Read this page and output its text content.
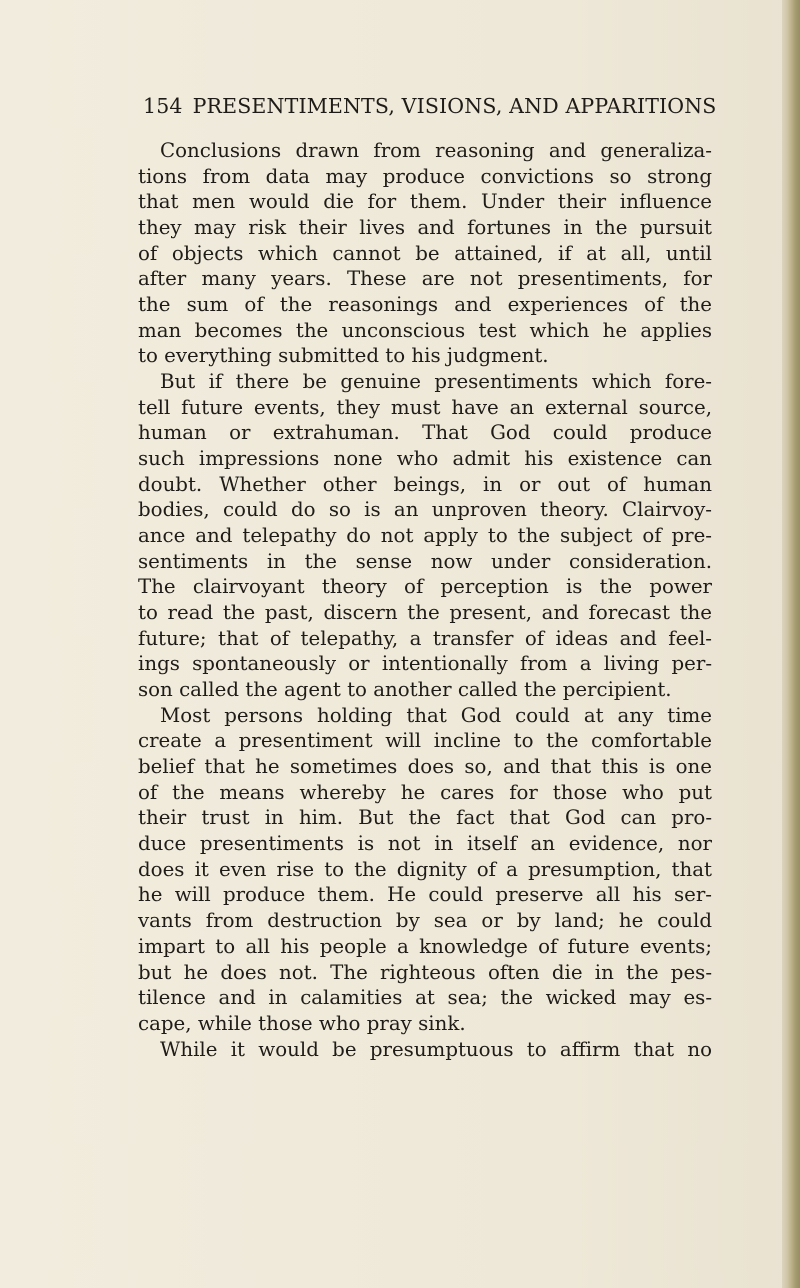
154 PRESENTIMENTS, VISIONS, AND APPARITIONS
Conclusions drawn from reasoning and generaliza-
tions from data may produce convictions so strong
that men would die for them. Under their influence
they may risk their lives and fortunes in the pursuit
of objects which cannot be attained, if at all, until
after many years. These are not presentiments, for
the sum of the reasonings and experiences of the
man becomes the unconscious test which he applies
to everything submitted to his judgment.
But if there be genuine presentiments which fore-
tell future events, they must have an external source,
human or extrahuman. That God could produce
such impressions none who admit his existence can
doubt. Whether other beings, in or out of human
bodies, could do so is an unproven theory. Clairvoy-
ance and telepathy do not apply to the subject of pre-
sentiments in the sense now under consideration.
The clairvoyant theory of perception is the power
to read the past, discern the present, and forecast the
future; that of telepathy, a transfer of ideas and feel-
ings spontaneously or intentionally from a living per-
son called the agent to another called the percipient.
Most persons holding that God could at any time
create a presentiment will incline to the comfortable
belief that he sometimes does so, and that this is one
of the means whereby he cares for those who put
their trust in him. But the fact that God can pro-
duce presentiments is not in itself an evidence, nor
does it even rise to the dignity of a presumption, that
he will produce them. He could preserve all his ser-
vants from destruction by sea or by land; he could
impart to all his people a knowledge of future events;
but he does not. The righteous often die in the pes-
tilence and in calamities at sea; the wicked may es-
cape, while those who pray sink.
While it would be presumptuous to affirm that no
